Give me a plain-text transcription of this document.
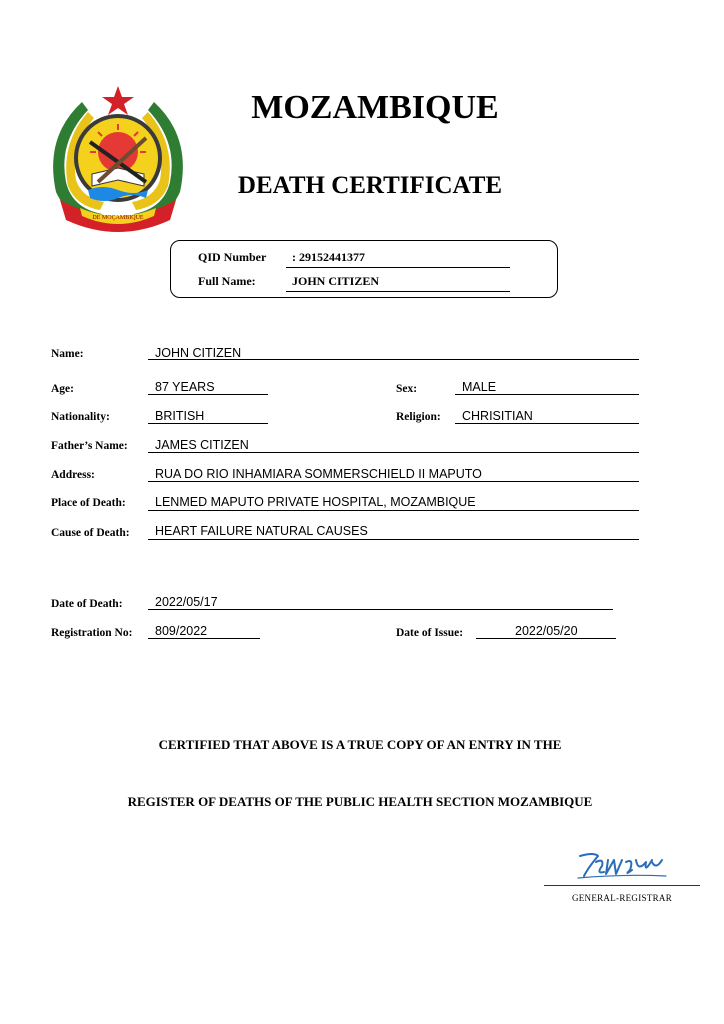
DE MOÇAMBIQUE
MOZAMBIQUE
DEATH CERTIFICATE
QID Number : 29152441377
Full Name:	JOHN CITIZEN
Name:	JOHN CITIZEN
Age:	87 YEARS	Sex:	MALE
Nationality:	BRITISH	Religion: CHRISITIAN
Father’s Name: JAMES CITIZEN
Address:	RUA DO RIO INHAMIARA SOMMERSCHIELD II MAPUTO
Place of Death: LENMED MAPUTO PRIVATE HOSPITAL, MOZAMBIQUE
Cause of Death: HEART FAILURE NATURAL CAUSES
Date of Death:	2022/05/17
Registration No: 809/2022	Date of Issue:	2022/05/20
CERTIFIED THAT ABOVE IS A TRUE COPY OF AN ENTRY IN THE
REGISTER OF DEATHS OF THE PUBLIC HEALTH SECTION MOZAMBIQUE
GENERAL-REGISTRAR
